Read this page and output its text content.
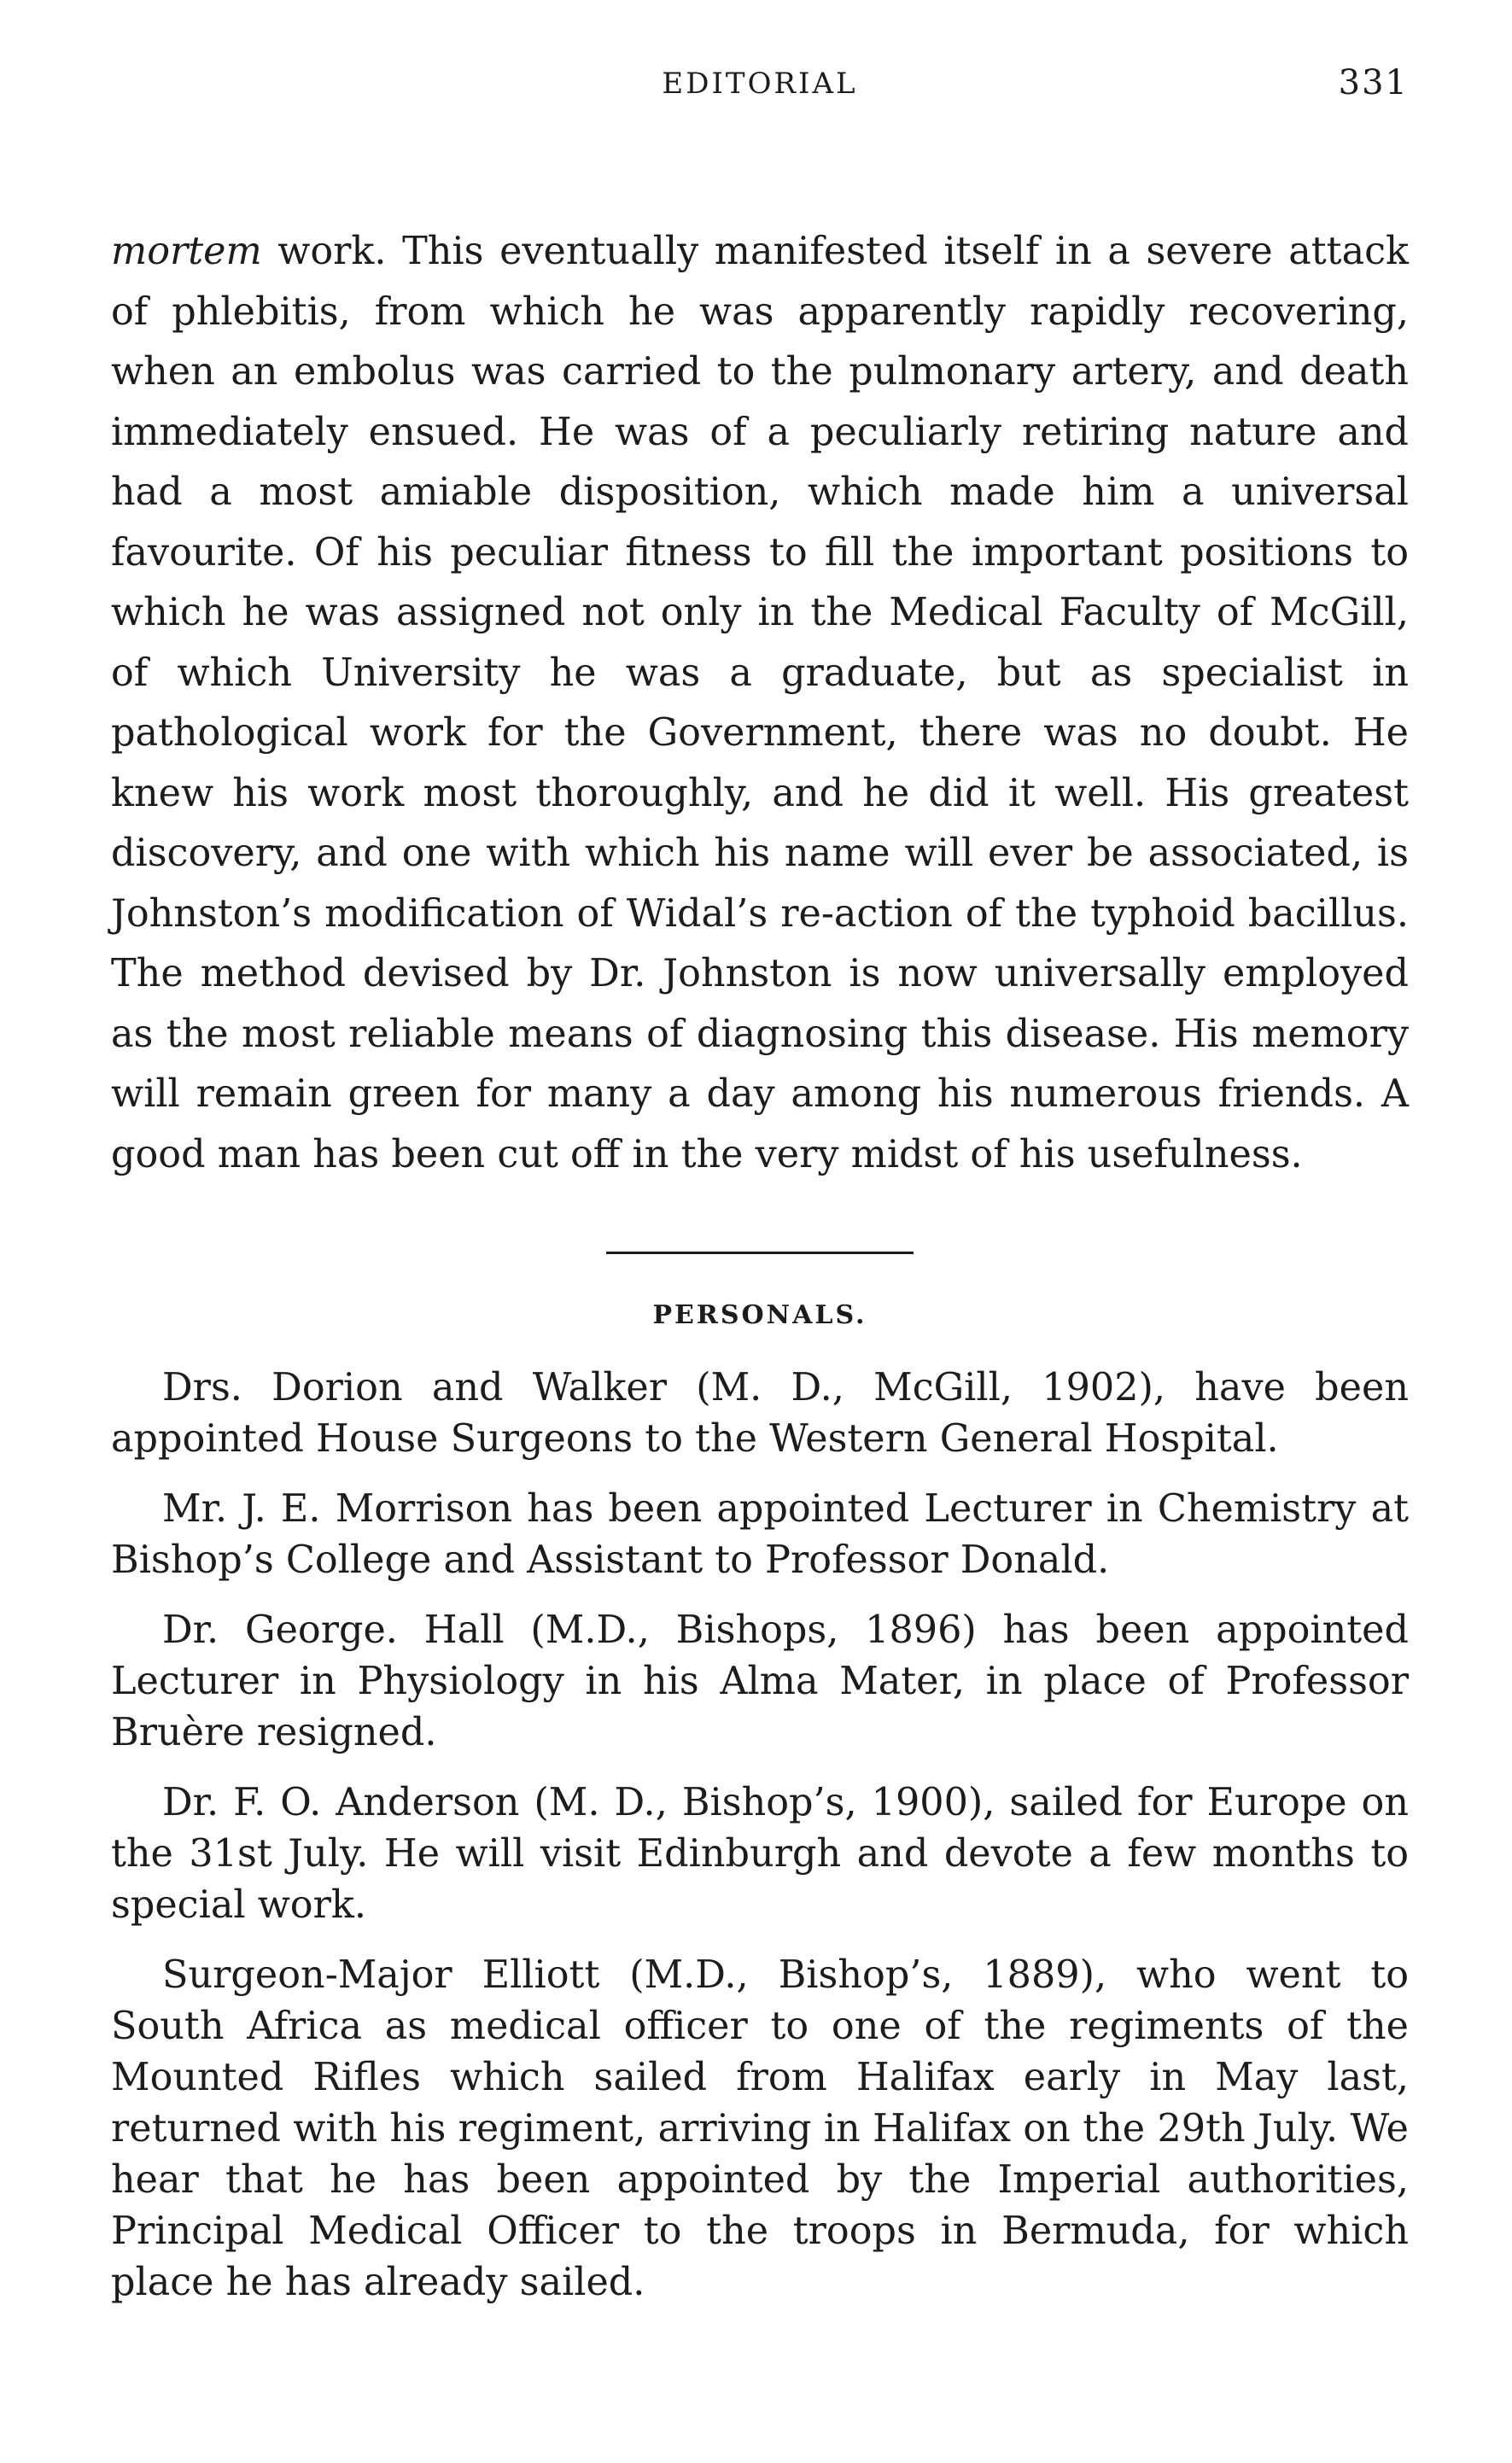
EDITORIAL	331

mortem work. This eventually manifested itself in a severe attack of phlebitis, from which he was apparently rapidly recovering, when an embolus was carried to the pulmonary artery, and death immediately ensued. He was of a peculiarly retiring nature and had a most amiable disposition, which made him a universal favourite. Of his peculiar fitness to fill the important positions to which he was assigned not only in the Medical Faculty of McGill, of which University he was a graduate, but as specialist in pathological work for the Government, there was no doubt. He knew his work most thoroughly, and he did it well. His greatest discovery, and one with which his name will ever be associated, is Johnston’s modification of Widal’s re-action of the typhoid bacillus. The method devised by Dr. Johnston is now universally employed as the most reliable means of diagnosing this disease. His memory will remain green for many a day among his numerous friends. A good man has been cut off in the very midst of his usefulness.

PERSONALS.

Drs. Dorion and Walker (M. D., McGill, 1902), have been appointed House Surgeons to the Western General Hospital.

Mr. J. E. Morrison has been appointed Lecturer in Chemistry at Bishop’s College and Assistant to Professor Donald.

Dr. George. Hall (M.D., Bishops, 1896) has been appointed Lecturer in Physiology in his Alma Mater, in place of Professor Bruère resigned.

Dr. F. O. Anderson (M. D., Bishop’s, 1900), sailed for Europe on the 31st July. He will visit Edinburgh and devote a few months to special work.

Surgeon-Major Elliott (M.D., Bishop’s, 1889), who went to South Africa as medical officer to one of the regiments of the Mounted Rifles which sailed from Halifax early in May last, returned with his regiment, arriving in Halifax on the 29th July. We hear that he has been appointed by the Imperial authorities, Principal Medical Officer to the troops in Bermuda, for which place he has already sailed.
